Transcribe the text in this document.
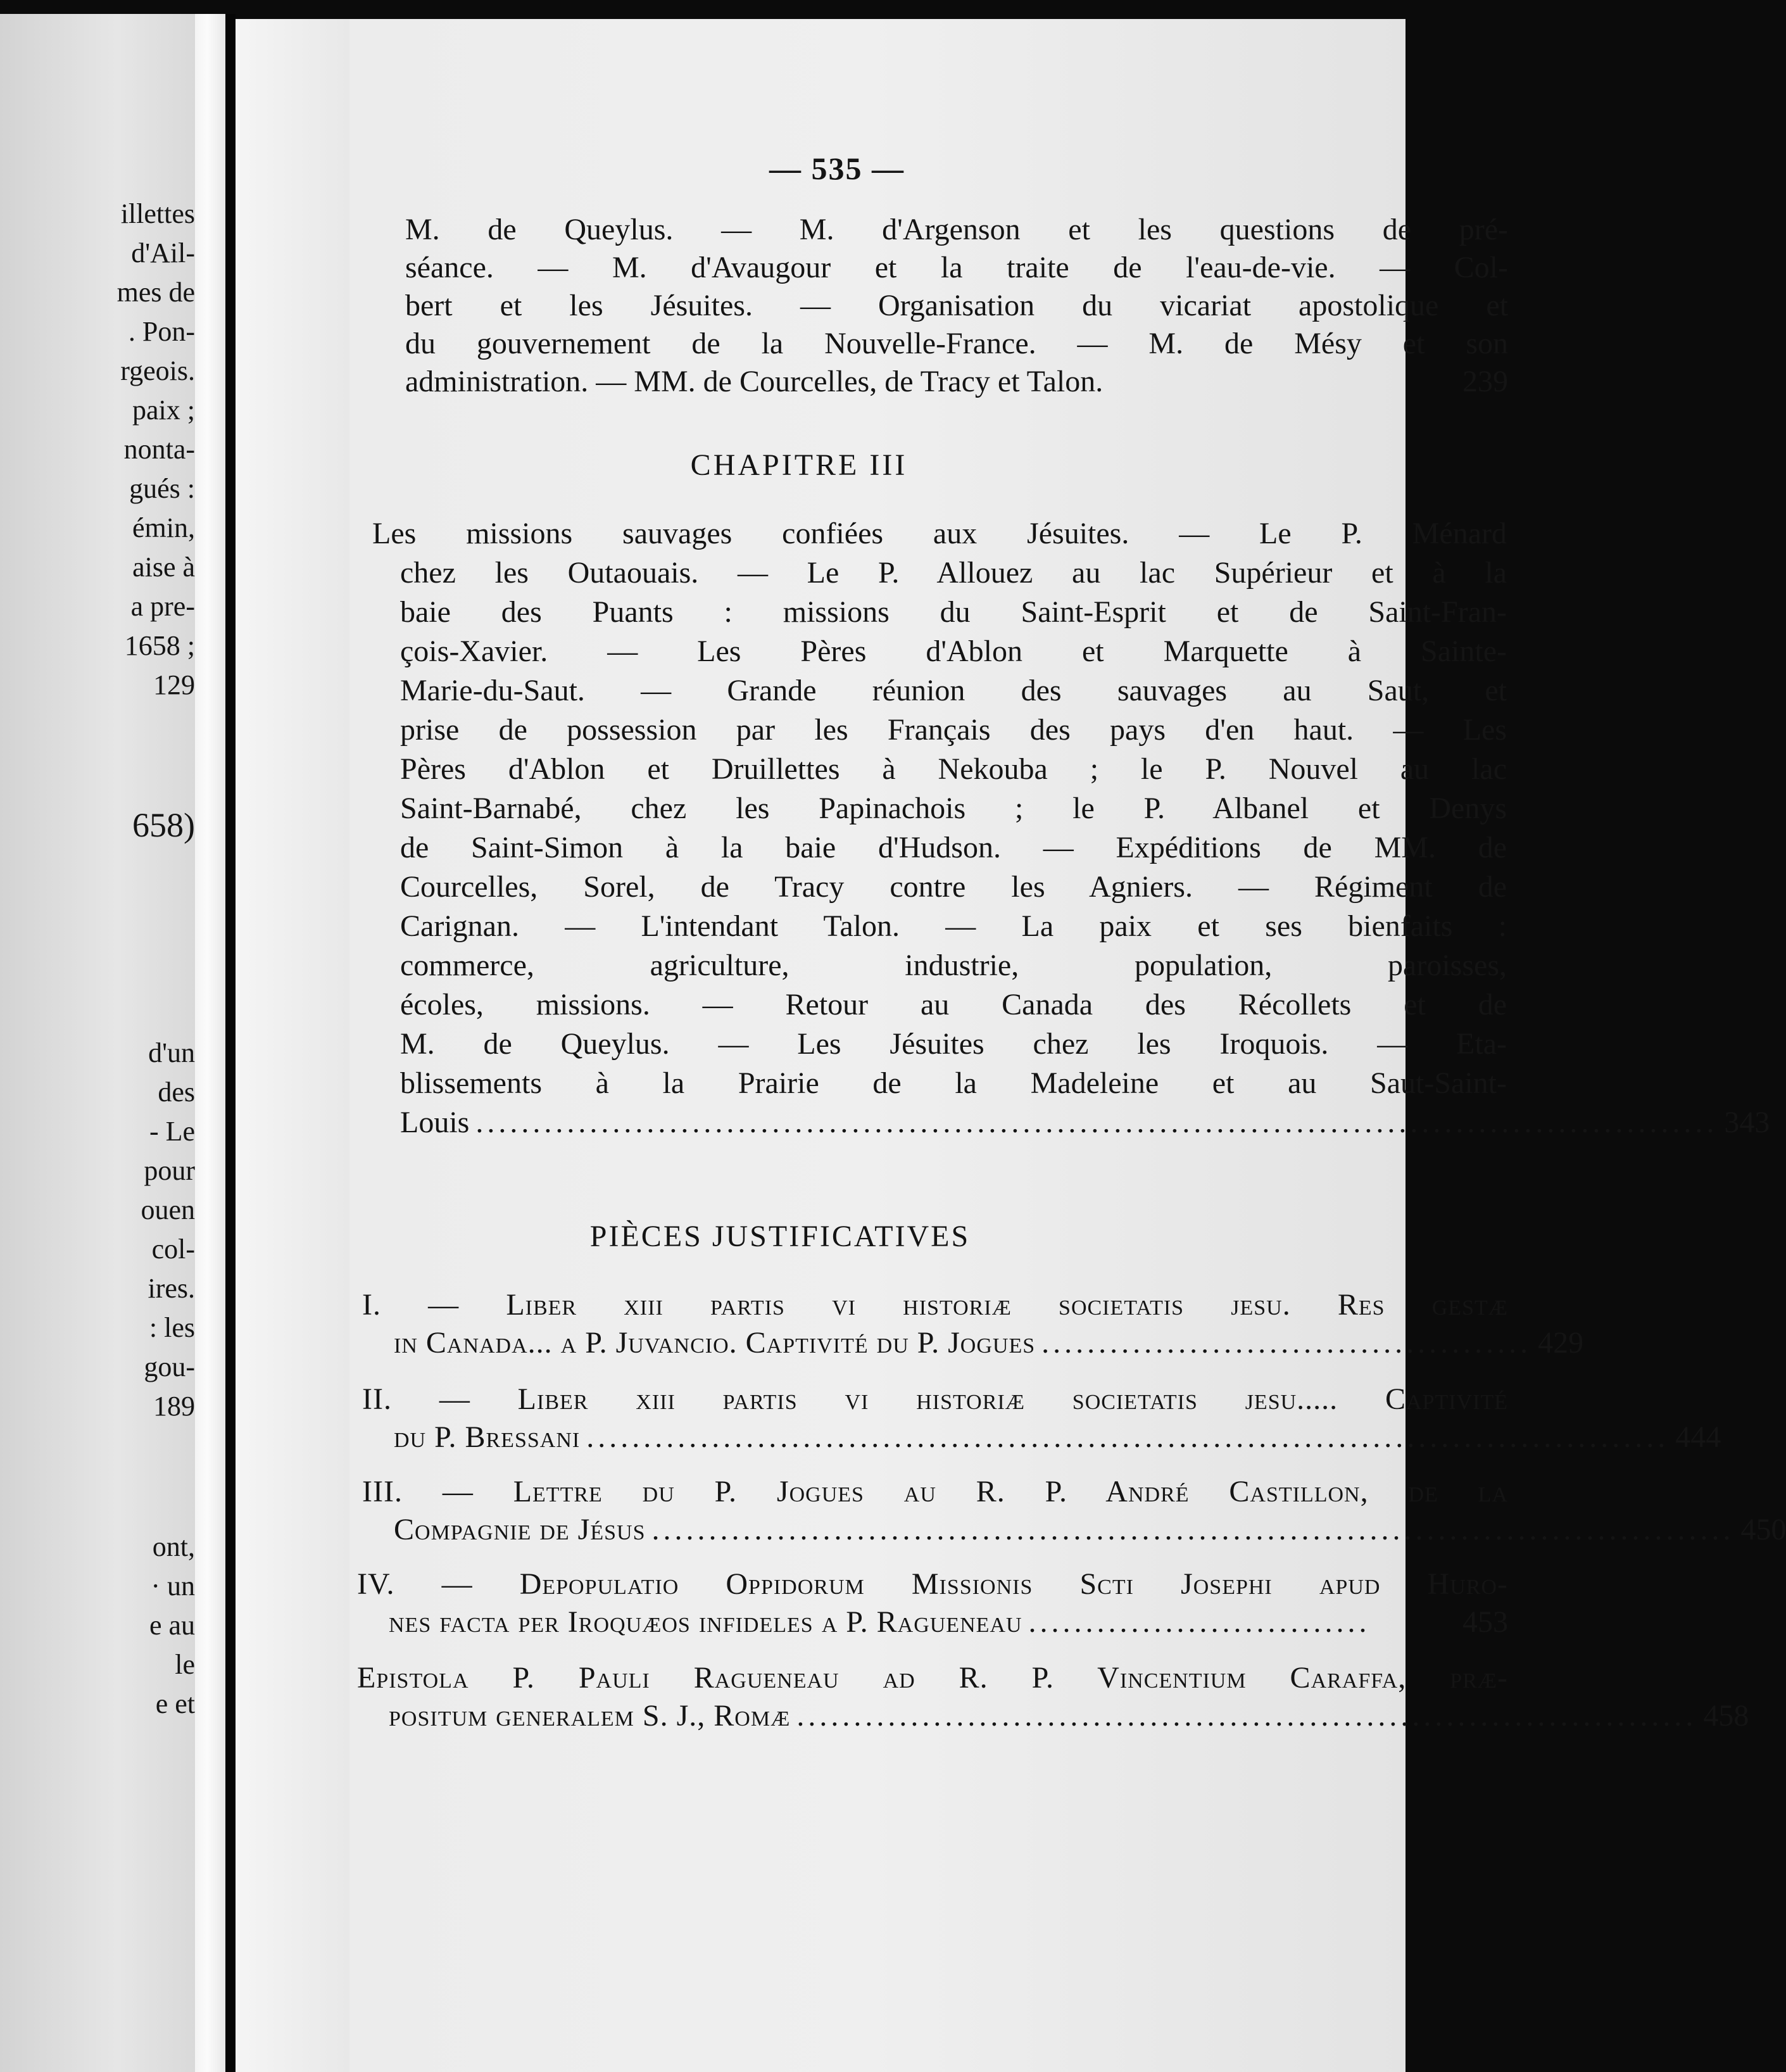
illettes
d'Ail-
mes de
. Pon-
rgeois.
paix ;
nonta-
gués :
émin,
aise à
a pre-
1658 ;
129
658)
d'un
des
- Le
pour
ouen
col-
ires.
: les
gou-
189
ont,
· un
e au
le
e et
— 535 —
M. de Queylus. — M. d'Argenson et les questions de pré-
séance. — M. d'Avaugour et la traite de l'eau-de-vie. — Col-
bert et les Jésuites. — Organisation du vicariat apostolique et
du gouvernement de la Nouvelle-France. — M. de Mésy et son
administration. — MM. de Courcelles, de Tracy et Talon.	239
CHAPITRE III
Les missions sauvages confiées aux Jésuites. — Le P. Ménard
chez les Outaouais. — Le P. Allouez au lac Supérieur et à la
baie des Puants : missions du Saint-Esprit et de Saint-Fran-
çois-Xavier. — Les Pères d'Ablon et Marquette à Sainte-
Marie-du-Saut. — Grande réunion des sauvages au Saut, et
prise de possession par les Français des pays d'en haut. — Les
Pères d'Ablon et Druillettes à Nekouba ; le P. Nouvel au lac
Saint-Barnabé, chez les Papinachois ; le P. Albanel et Denys
de Saint-Simon à la baie d'Hudson. — Expéditions de MM. de
Courcelles, Sorel, de Tracy contre les Agniers. — Régiment de
Carignan. — L'intendant Talon. — La paix et ses bienfaits :
commerce, agriculture, industrie, population, paroisses,
écoles, missions. — Retour au Canada des Récollets et de
M. de Queylus. — Les Jésuites chez les Iroquois. — Eta-
blissements à la Prairie de la Madeleine et au Saut-Saint-
Louis ............................................................................................................. 343
PIÈCES JUSTIFICATIVES
I. — Liber xiii partis vi historiæ societatis jesu. Res gestæ
in Canada... a P. Juvancio. Captivité du P. Jogues ........................................... 429
II. — Liber xiii partis vi historiæ societatis jesu..... Captivité
du P. Bressani ............................................................................................... 444
III. — Lettre du P. Jogues au R. P. André Castillon, de la
Compagnie de Jésus ............................................................................................... 450
IV. — Depopulatio Oppidorum Missionis Scti Josephi apud Huro-
nes facta per Iroquæos infideles a P. Ragueneau ..............................	453
Epistola P. Pauli Ragueneau ad R. P. Vincentium Caraffa, præ-
positum generalem S. J., Romæ ............................................................................... 458
